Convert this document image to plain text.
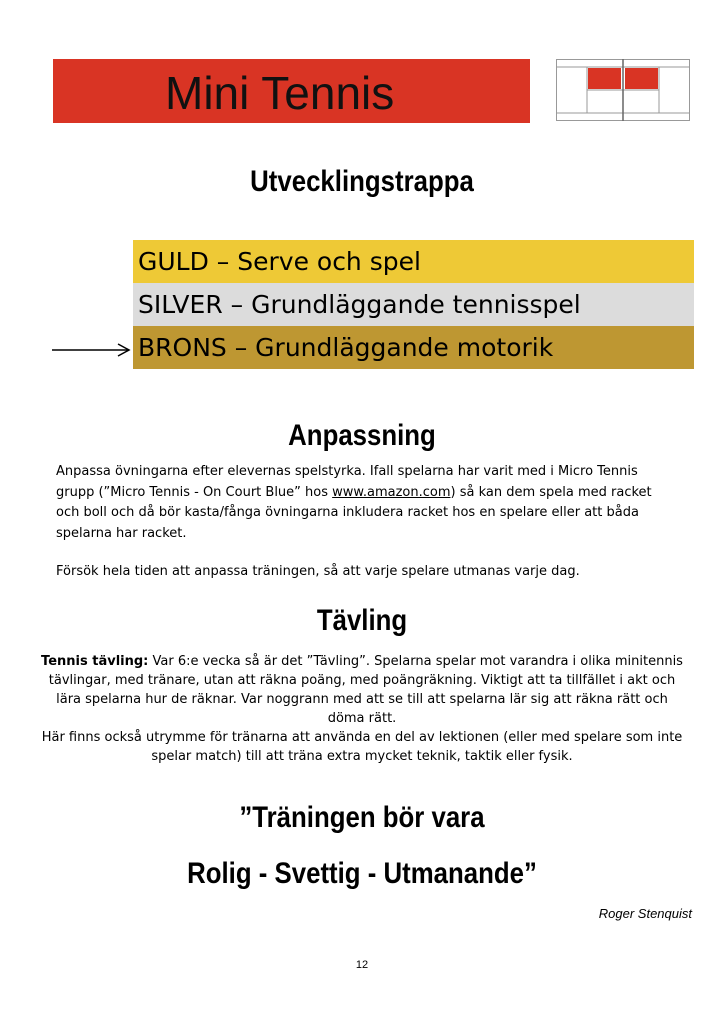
Mini Tennis
Utvecklingstrappa
GULD – Serve och spel
SILVER – Grundläggande tennisspel
BRONS – Grundläggande motorik
Anpassning

Anpassa övningarna efter elevernas spelstyrka. Ifall spelarna har varit med i Micro Tennis grupp (”Micro Tennis - On Court Blue” hos www.amazon.com) så kan dem spela med racket och boll och då bör kasta/fånga övningarna inkludera racket hos en spelare eller att båda spelarna har racket.

Försök hela tiden att anpassa träningen, så att varje spelare utmanas varje dag.

Tävling

Tennis tävling: Var 6:e vecka så är det ”Tävling”. Spelarna spelar mot varandra i olika minitennis tävlingar, med tränare, utan att räkna poäng, med poängräkning. Viktigt att ta tillfället i akt och lära spelarna hur de räknar. Var noggrann med att se till att spelarna lär sig att räkna rätt och döma rätt.

Här finns också utrymme för tränarna att använda en del av lektionen (eller med spelare som inte spelar match) till att träna extra mycket teknik, taktik eller fysik.

”Träningen bör vara
Rolig - Svettig - Utmanande”
Roger Stenquist
12
